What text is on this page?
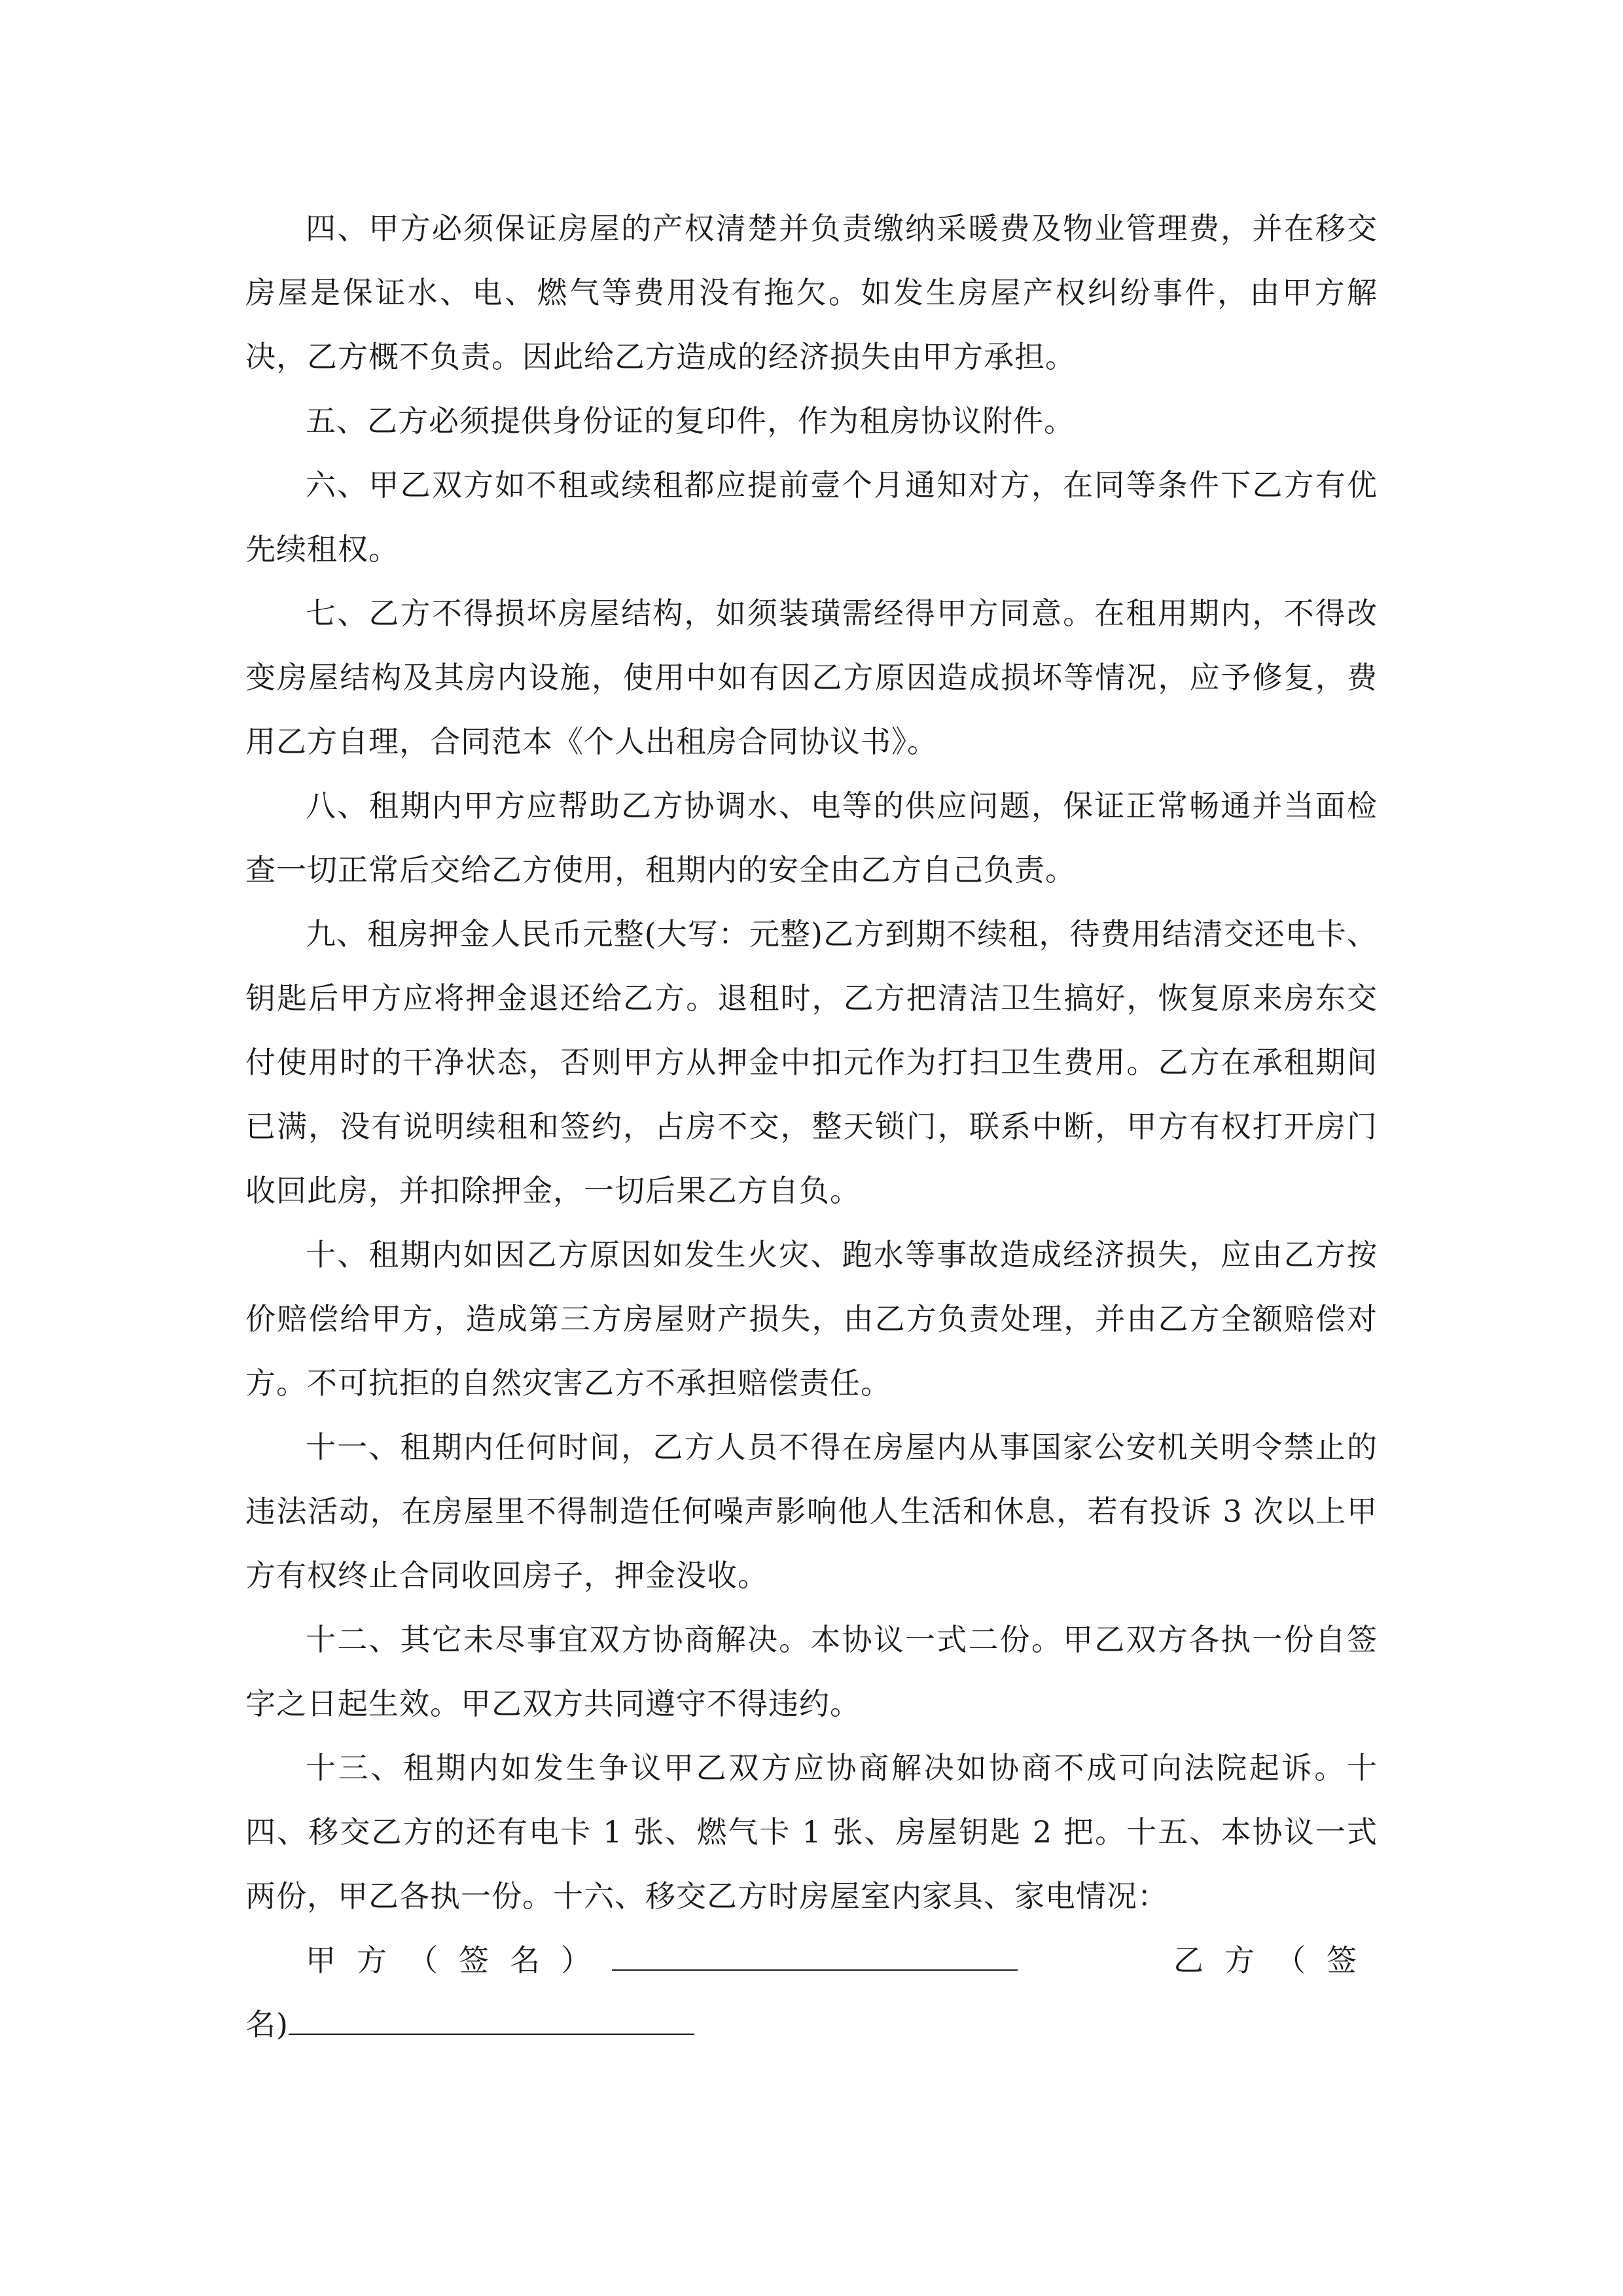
四、甲方必须保证房屋的产权清楚并负责缴纳采暖费及物业管理费，并在移交房屋是保证水、电、燃气等费用没有拖欠。如发生房屋产权纠纷事件，由甲方解决，乙方概不负责。因此给乙方造成的经济损失由甲方承担。

五、乙方必须提供身份证的复印件，作为租房协议附件。

六、甲乙双方如不租或续租都应提前壹个月通知对方，在同等条件下乙方有优先续租权。

七、乙方不得损坏房屋结构，如须装璜需经得甲方同意。在租用期内，不得改变房屋结构及其房内设施，使用中如有因乙方原因造成损坏等情况，应予修复，费用乙方自理，合同范本《个人出租房合同协议书》。

八、租期内甲方应帮助乙方协调水、电等的供应问题，保证正常畅通并当面检查一切正常后交给乙方使用，租期内的安全由乙方自己负责。

九、租房押金人民币元整(大写：元整)乙方到期不续租，待费用结清交还电卡、钥匙后甲方应将押金退还给乙方。退租时，乙方把清洁卫生搞好，恢复原来房东交付使用时的干净状态，否则甲方从押金中扣元作为打扫卫生费用。乙方在承租期间已满，没有说明续租和签约，占房不交，整天锁门，联系中断，甲方有权打开房门收回此房，并扣除押金，一切后果乙方自负。

十、租期内如因乙方原因如发生火灾、跑水等事故造成经济损失，应由乙方按价赔偿给甲方，造成第三方房屋财产损失，由乙方负责处理，并由乙方全额赔偿对方。不可抗拒的自然灾害乙方不承担赔偿责任。

十一、租期内任何时间，乙方人员不得在房屋内从事国家公安机关明令禁止的违法活动，在房屋里不得制造任何噪声影响他人生活和休息，若有投诉 3 次以上甲方有权终止合同收回房子，押金没收。

十二、其它未尽事宜双方协商解决。本协议一式二份。甲乙双方各执一份自签字之日起生效。甲乙双方共同遵守不得违约。

十三、租期内如发生争议甲乙双方应协商解决如协商不成可向法院起诉。十四、移交乙方的还有电卡 1 张、燃气卡 1 张、房屋钥匙 2 把。十五、本协议一式两份，甲乙各执一份。十六、移交乙方时房屋室内家具、家电情况：

甲方（签名）	乙方（签
名)
